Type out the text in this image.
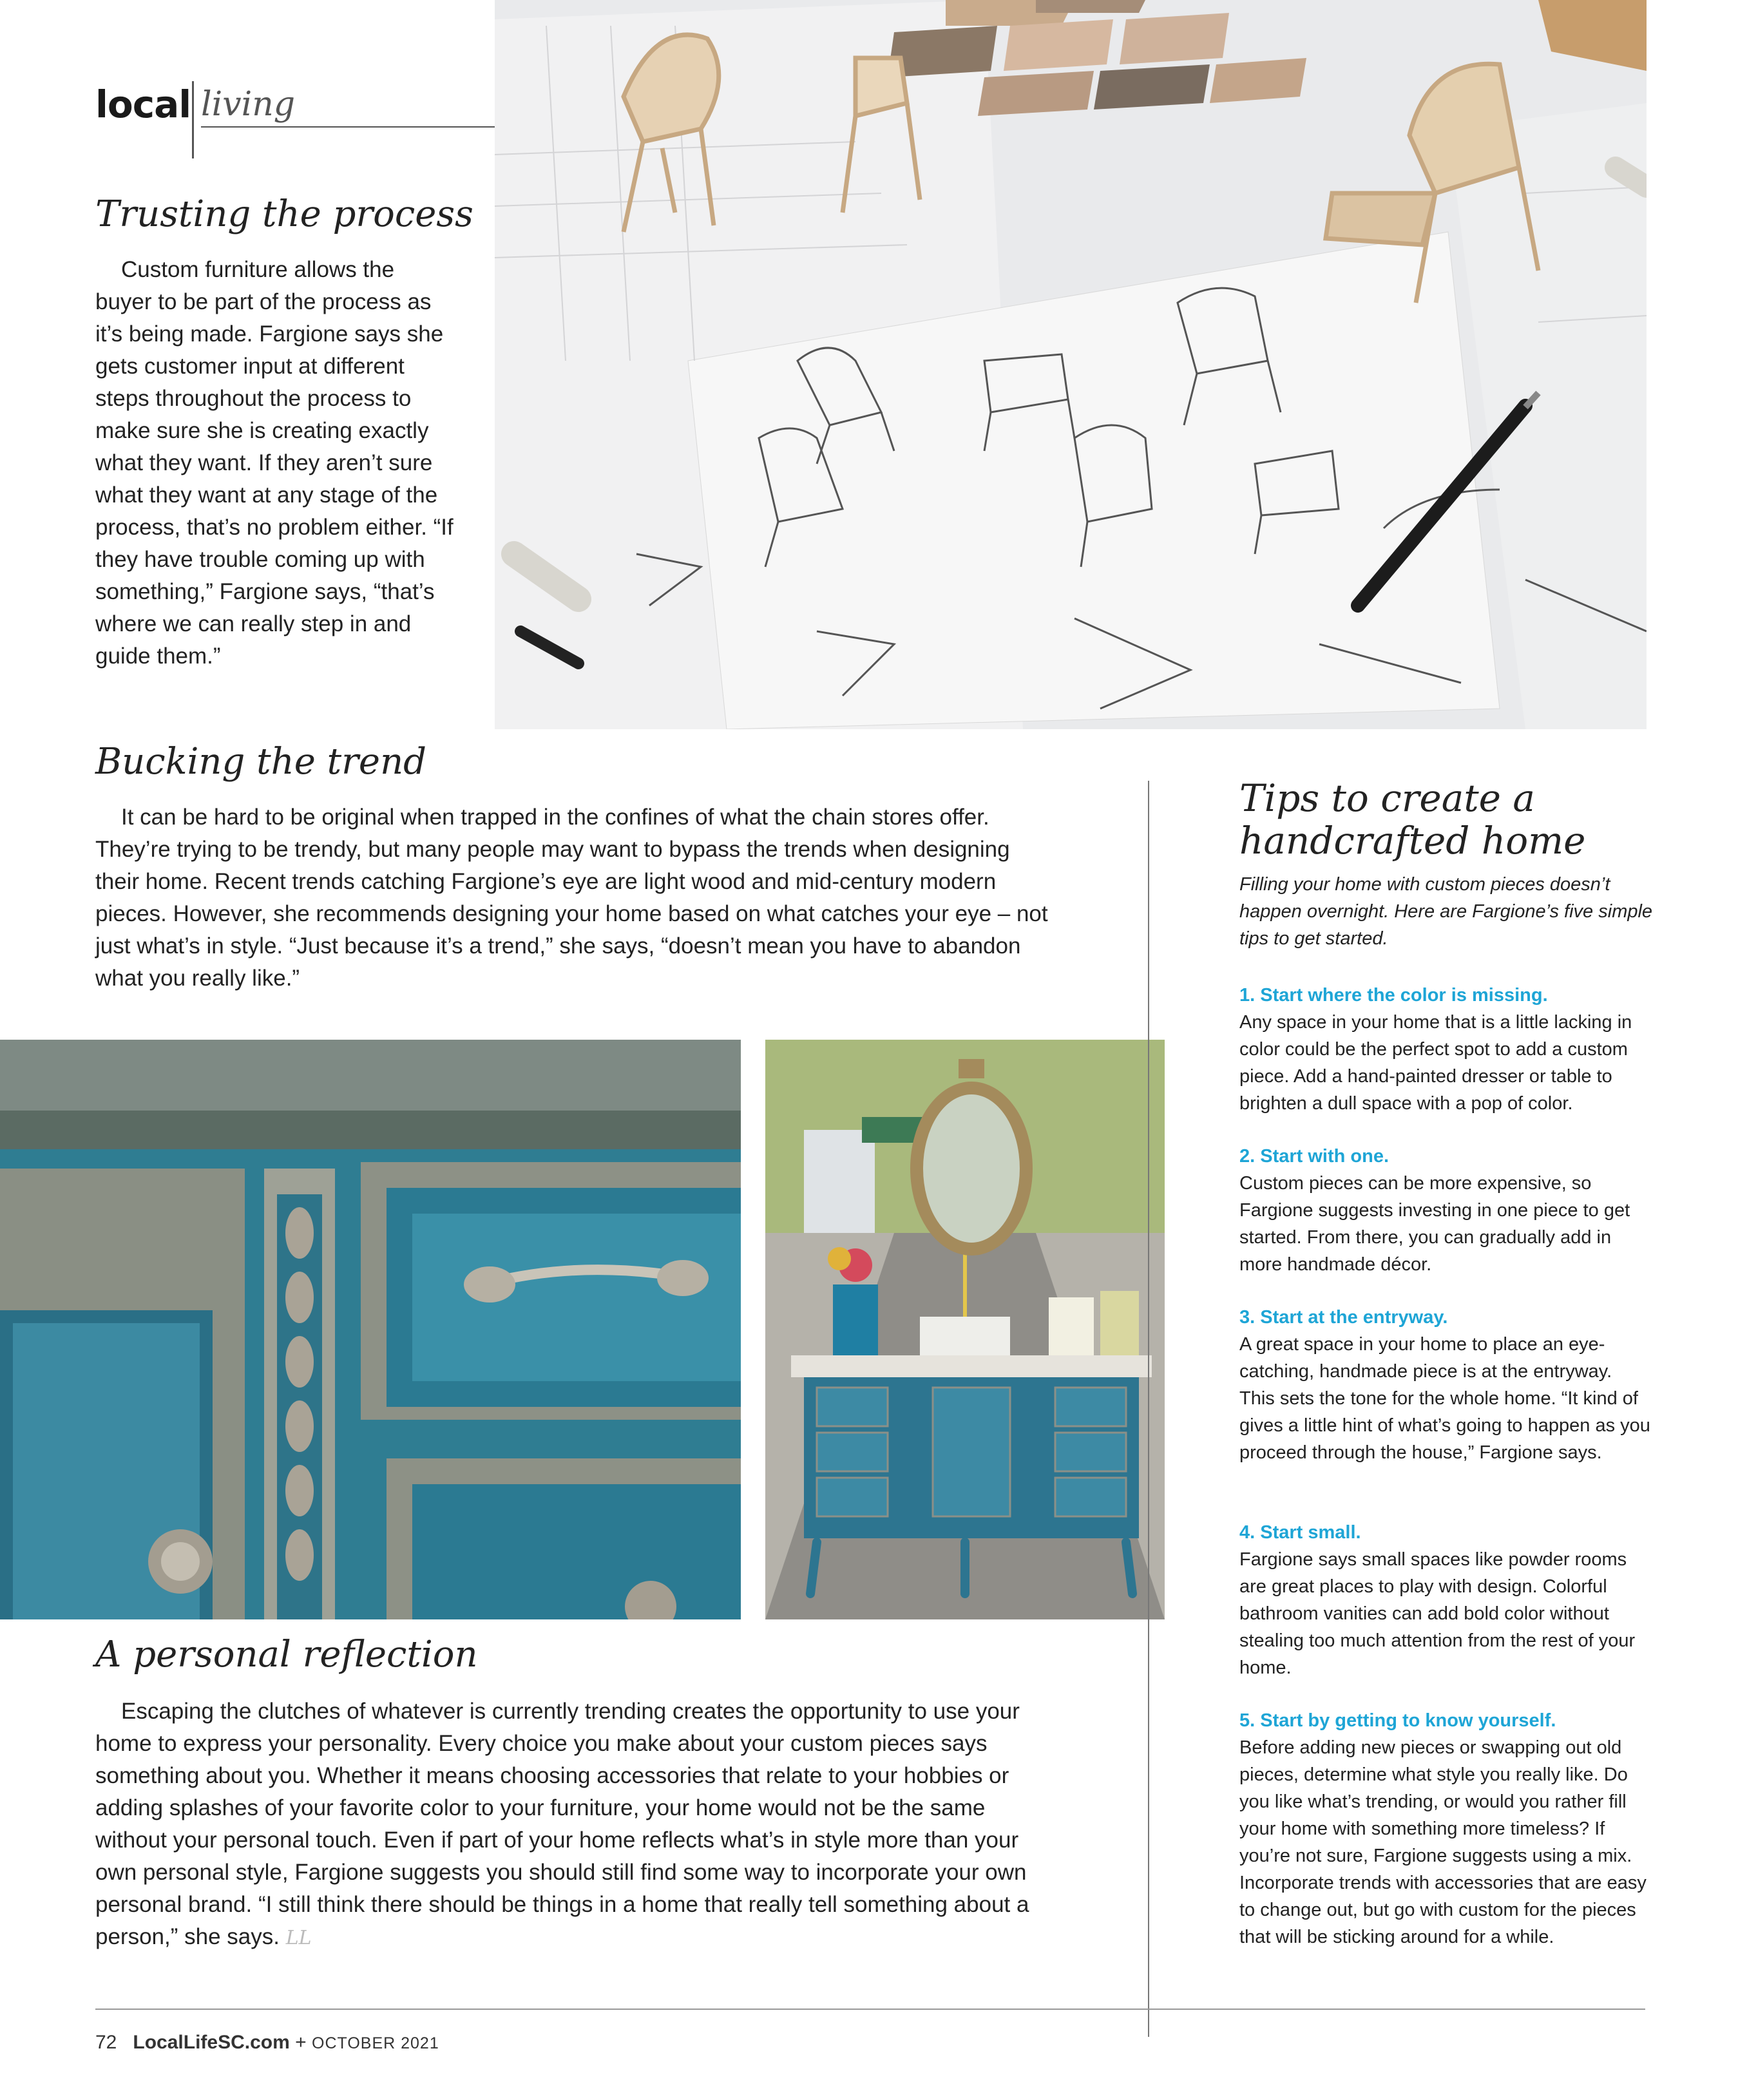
local living
Trusting the process

Custom furniture allows the buyer to be part of the process as it’s being made. Fargione says she gets customer input at different steps throughout the process to make sure she is creating exactly what they want. If they aren’t sure what they want at any stage of the process, that’s no problem either. “If they have trouble coming up with something,” Fargione says, “that’s where we can really step in and guide them.”

Bucking the trend

It can be hard to be original when trapped in the confines of what the chain stores offer. They’re trying to be trendy, but many people may want to bypass the trends when designing their home. Recent trends catching Fargione’s eye are light wood and mid-century modern pieces. However, she recommends designing your home based on what catches your eye – not just what’s in style. “Just because it’s a trend,” she says, “doesn’t mean you have to abandon what you really like.”

A personal reflection

Escaping the clutches of whatever is currently trending creates the opportunity to use your home to express your personality. Every choice you make about your custom pieces says something about you. Whether it means choosing accessories that relate to your hobbies or adding splashes of your favorite color to your furniture, your home would not be the same without your personal touch. Even if part of your home reflects what’s in style more than your own personal style, Fargione suggests you should still find some way to incorporate your own personal brand. “I still think there should be things in a home that really tell something about a person,” she says. LL

Tips to create a handcrafted home
Filling your home with custom pieces doesn’t happen overnight. Here are Fargione’s five simple tips to get started.
1. Start where the color is missing.
Any space in your home that is a little lacking in color could be the perfect spot to add a custom piece. Add a hand-painted dresser or table to brighten a dull space with a pop of color.
2. Start with one.
Custom pieces can be more expensive, so Fargione suggests investing in one piece to get started. From there, you can gradually add in more handmade décor.
3. Start at the entryway.
A great space in your home to place an eye-catching, handmade piece is at the entryway. This sets the tone for the whole home. “It kind of gives a little hint of what’s going to happen as you proceed through the house,” Fargione says.
4. Start small.
Fargione says small spaces like powder rooms are great places to play with design. Colorful bathroom vanities can add bold color without stealing too much attention from the rest of your home.
5. Start by getting to know yourself.
Before adding new pieces or swapping out old pieces, determine what style you really like. Do you like what’s trending, or would you rather fill your home with something more timeless? If you’re not sure, Fargione suggests using a mix. Incorporate trends with accessories that are easy to change out, but go with custom for the pieces that will be sticking around for a while.
72 LocalLifeSC.com + OCTOBER 2021
